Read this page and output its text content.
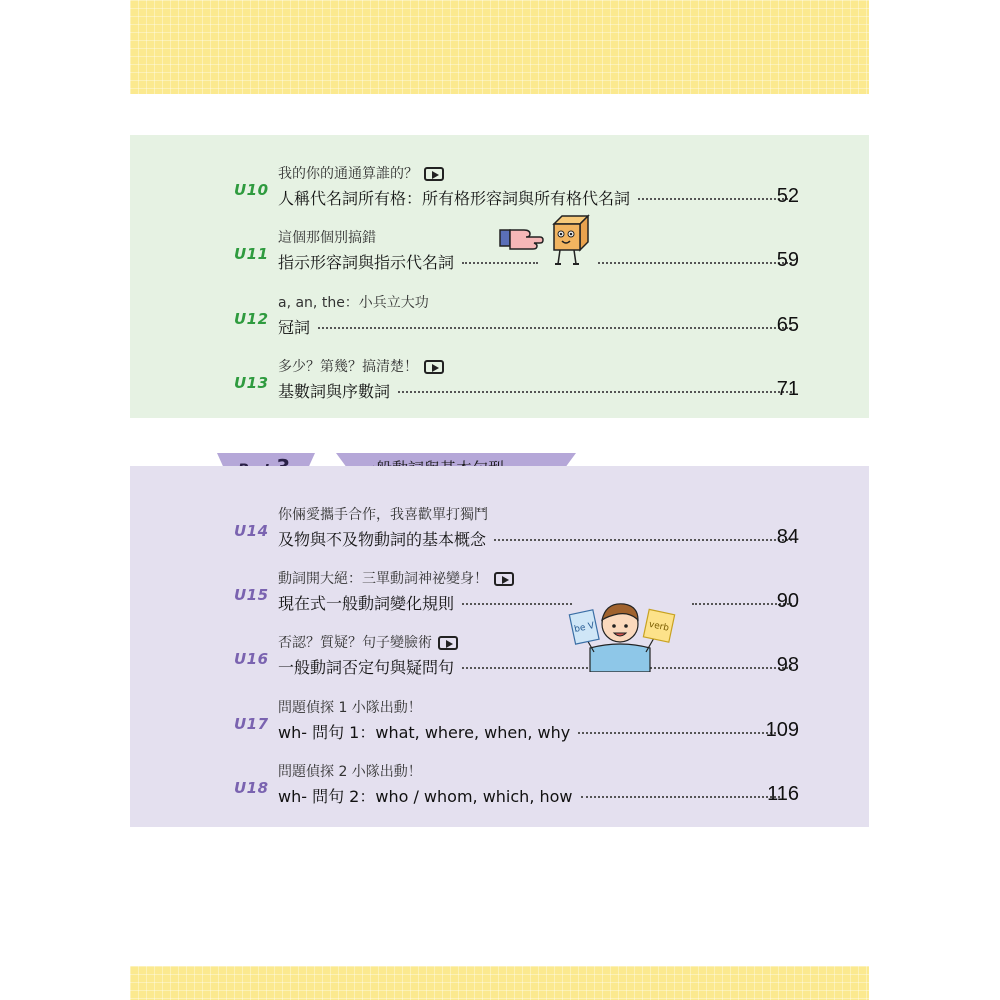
U10
我的你的通通算誰的？
人稱代名詞所有格：所有格形容詞與所有格代名詞	52
U11
這個那個別搞錯
指示形容詞與指示代名詞	59
U12
a, an, the：小兵立大功
冠詞	65
U13
多少？第幾？搞清楚！
基數詞與序數詞	71
U14
你倆愛攜手合作，我喜歡單打獨鬥
及物與不及物動詞的基本概念	84
U15
動詞開大絕：三單動詞神祕變身！
現在式一般動詞變化規則	90
U16
否認？質疑？句子變臉術
一般動詞否定句與疑問句	98
U17
問題偵探 1 小隊出動！
wh- 問句 1：what, where, when, why	109
U18
問題偵探 2 小隊出動！
wh- 問句 2：who / whom, which, how	116
be V	verb
